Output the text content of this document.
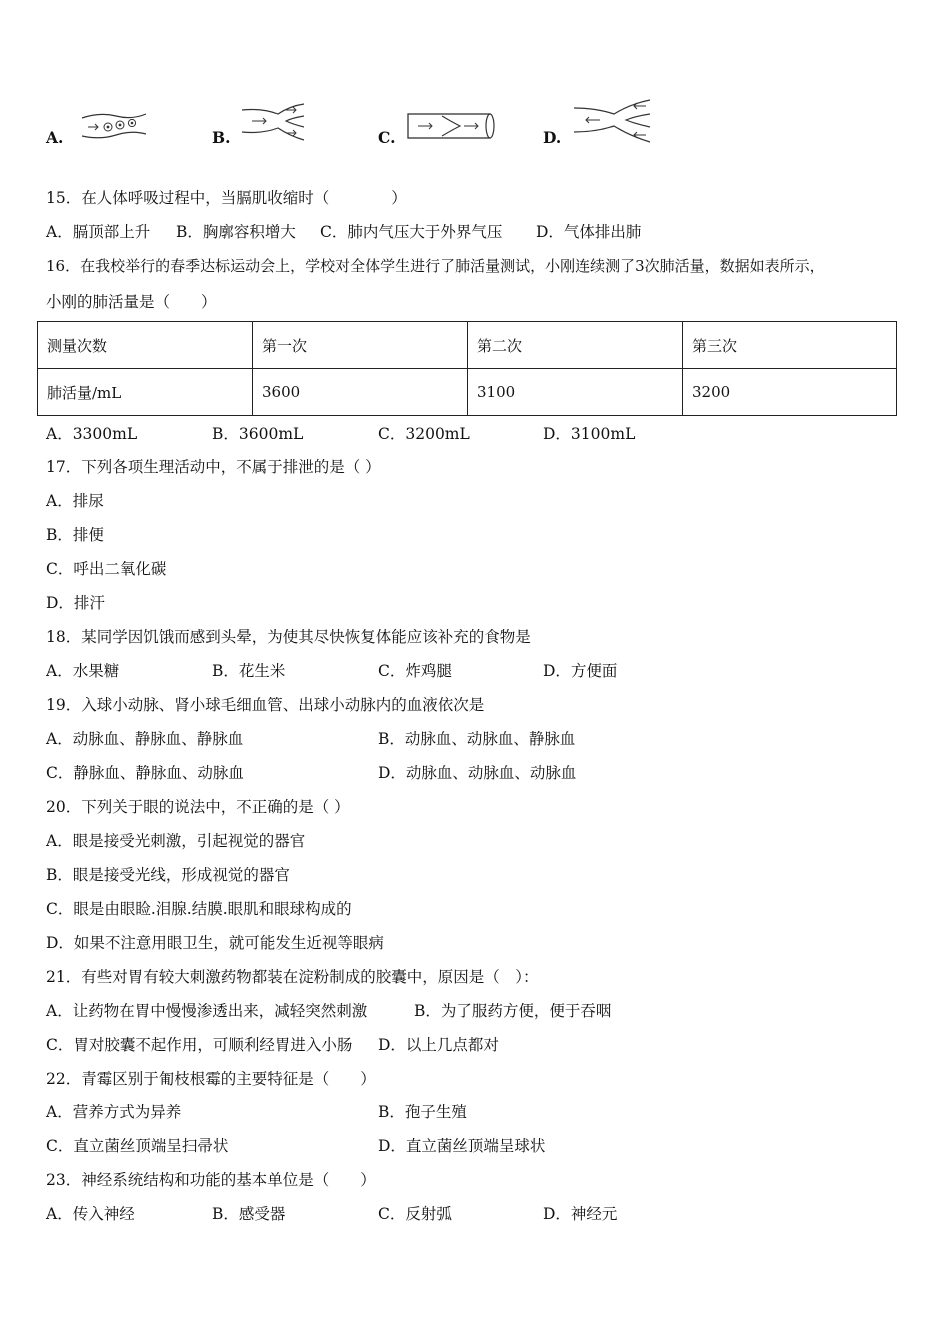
A.	B.	C.	D.
15．在人体呼吸过程中，当膈肌收缩时（　　　　）
A．膈顶部上升 B．胸廓容积增大 C．肺内气压大于外界气压 D．气体排出肺
16．在我校举行的春季达标运动会上，学校对全体学生进行了肺活量测试，小刚连续测了3次肺活量，数据如表所示，
小刚的肺活量是（　　）
测量次数	第一次	第二次	第三次
肺活量/mL	3600	3100	3200
A．3300mL	B．3600mL	C．3200mL	D．3100mL
17．下列各项生理活动中，不属于排泄的是（ ）
A．排尿
B．排便
C．呼出二氧化碳
D．排汗
18．某同学因饥饿而感到头晕，为使其尽快恢复体能应该补充的食物是
A．水果糖	B．花生米	C．炸鸡腿	D．方便面
19．入球小动脉、肾小球毛细血管、出球小动脉内的血液依次是
A．动脉血、静脉血、静脉血	B．动脉血、动脉血、静脉血
C．静脉血、静脉血、动脉血	D．动脉血、动脉血、动脉血
20．下列关于眼的说法中，不正确的是（ ）
A．眼是接受光刺激，引起视觉的器官
B．眼是接受光线，形成视觉的器官
C．眼是由眼睑.泪腺.结膜.眼肌和眼球构成的
D．如果不注意用眼卫生，就可能发生近视等眼病
21．有些对胃有较大刺激药物都装在淀粉制成的胶囊中，原因是（　）：
A．让药物在胃中慢慢渗透出来，减轻突然刺激	B．为了服药方便，便于吞咽
C．胃对胶囊不起作用，可顺利经胃进入小肠 D．以上几点都对
22．青霉区别于匍枝根霉的主要特征是（　　）
A．营养方式为异养	B．孢子生殖
C．直立菌丝顶端呈扫帚状	D．直立菌丝顶端呈球状
23．神经系统结构和功能的基本单位是（　　）
A．传入神经	B．感受器	C．反射弧	D．神经元
